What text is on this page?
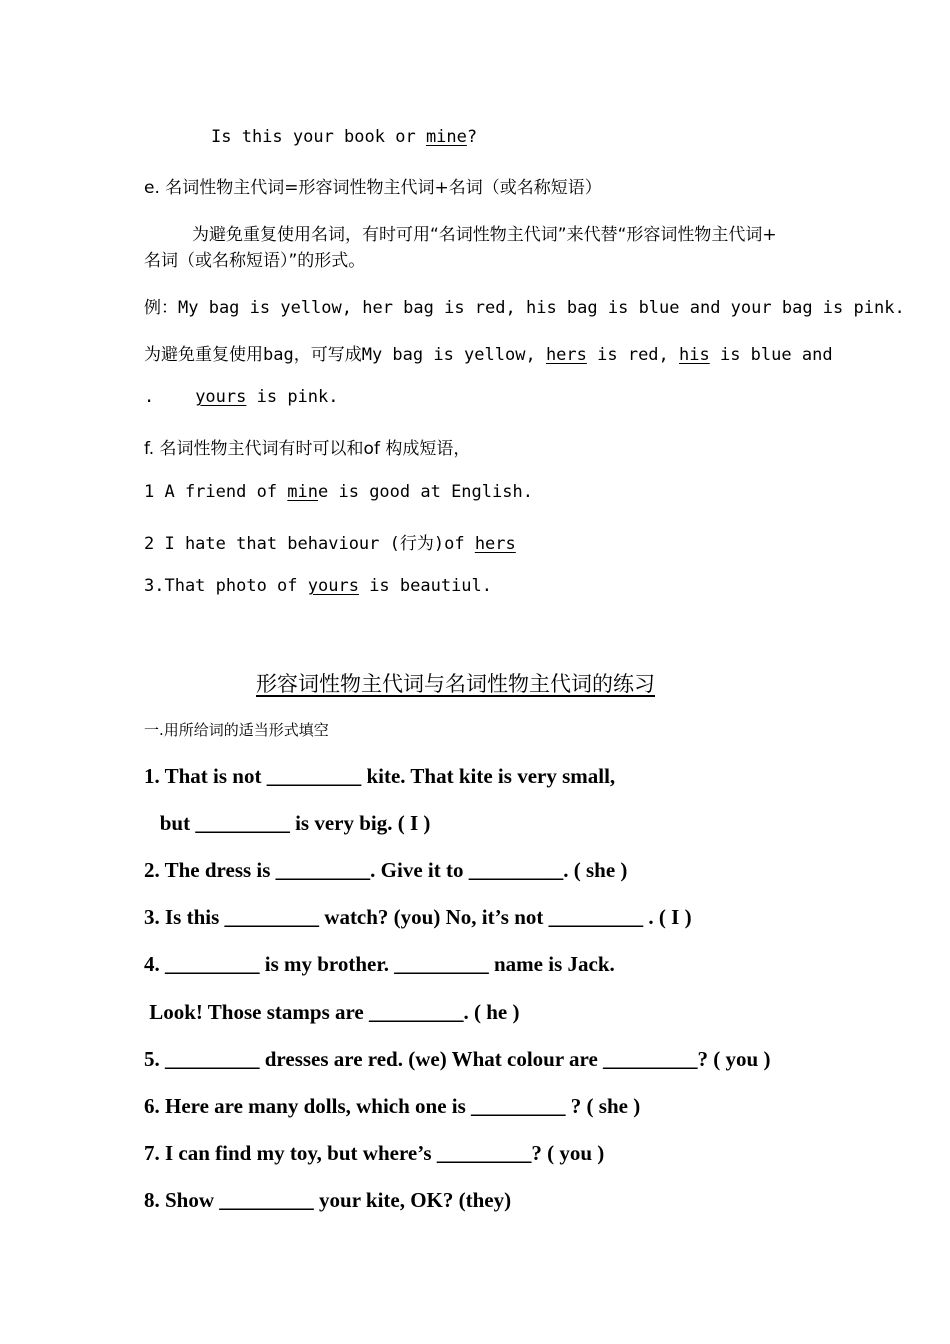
Is this your book or mine?
e. 名词性物主代词=形容词性物主代词+名词（或名称短语）
为避免重复使用名词，有时可用“名词性物主代词”来代替“形容词性物主代词+
名词（或名称短语）”的形式。
例：My bag is yellow, her bag is red, his bag is blue and your bag is pink.
为避免重复使用bag，可写成My bag is yellow, hers is red, his is blue and
.    yours is pink.
f. 名词性物主代词有时可以和of 构成短语，
1 A friend of mine is good at English.
2 I hate that behaviour (行为)of hers
3.That photo of yours is beautiul.
形容词性物主代词与名词性物主代词的练习
一.用所给词的适当形式填空
1. That is not _________ kite. That kite is very small,
but _________ is very big. ( I )
2. The dress is _________. Give it to _________. ( she )
3. Is this _________ watch? (you) No, it’s not _________ . ( I )
4. _________ is my brother. _________ name is Jack.
Look! Those stamps are _________. ( he )
5. _________ dresses are red. (we) What colour are _________? ( you )
6. Here are many dolls, which one is _________ ? ( she )
7. I can find my toy, but where’s _________? ( you )
8. Show _________ your kite, OK? (they)
